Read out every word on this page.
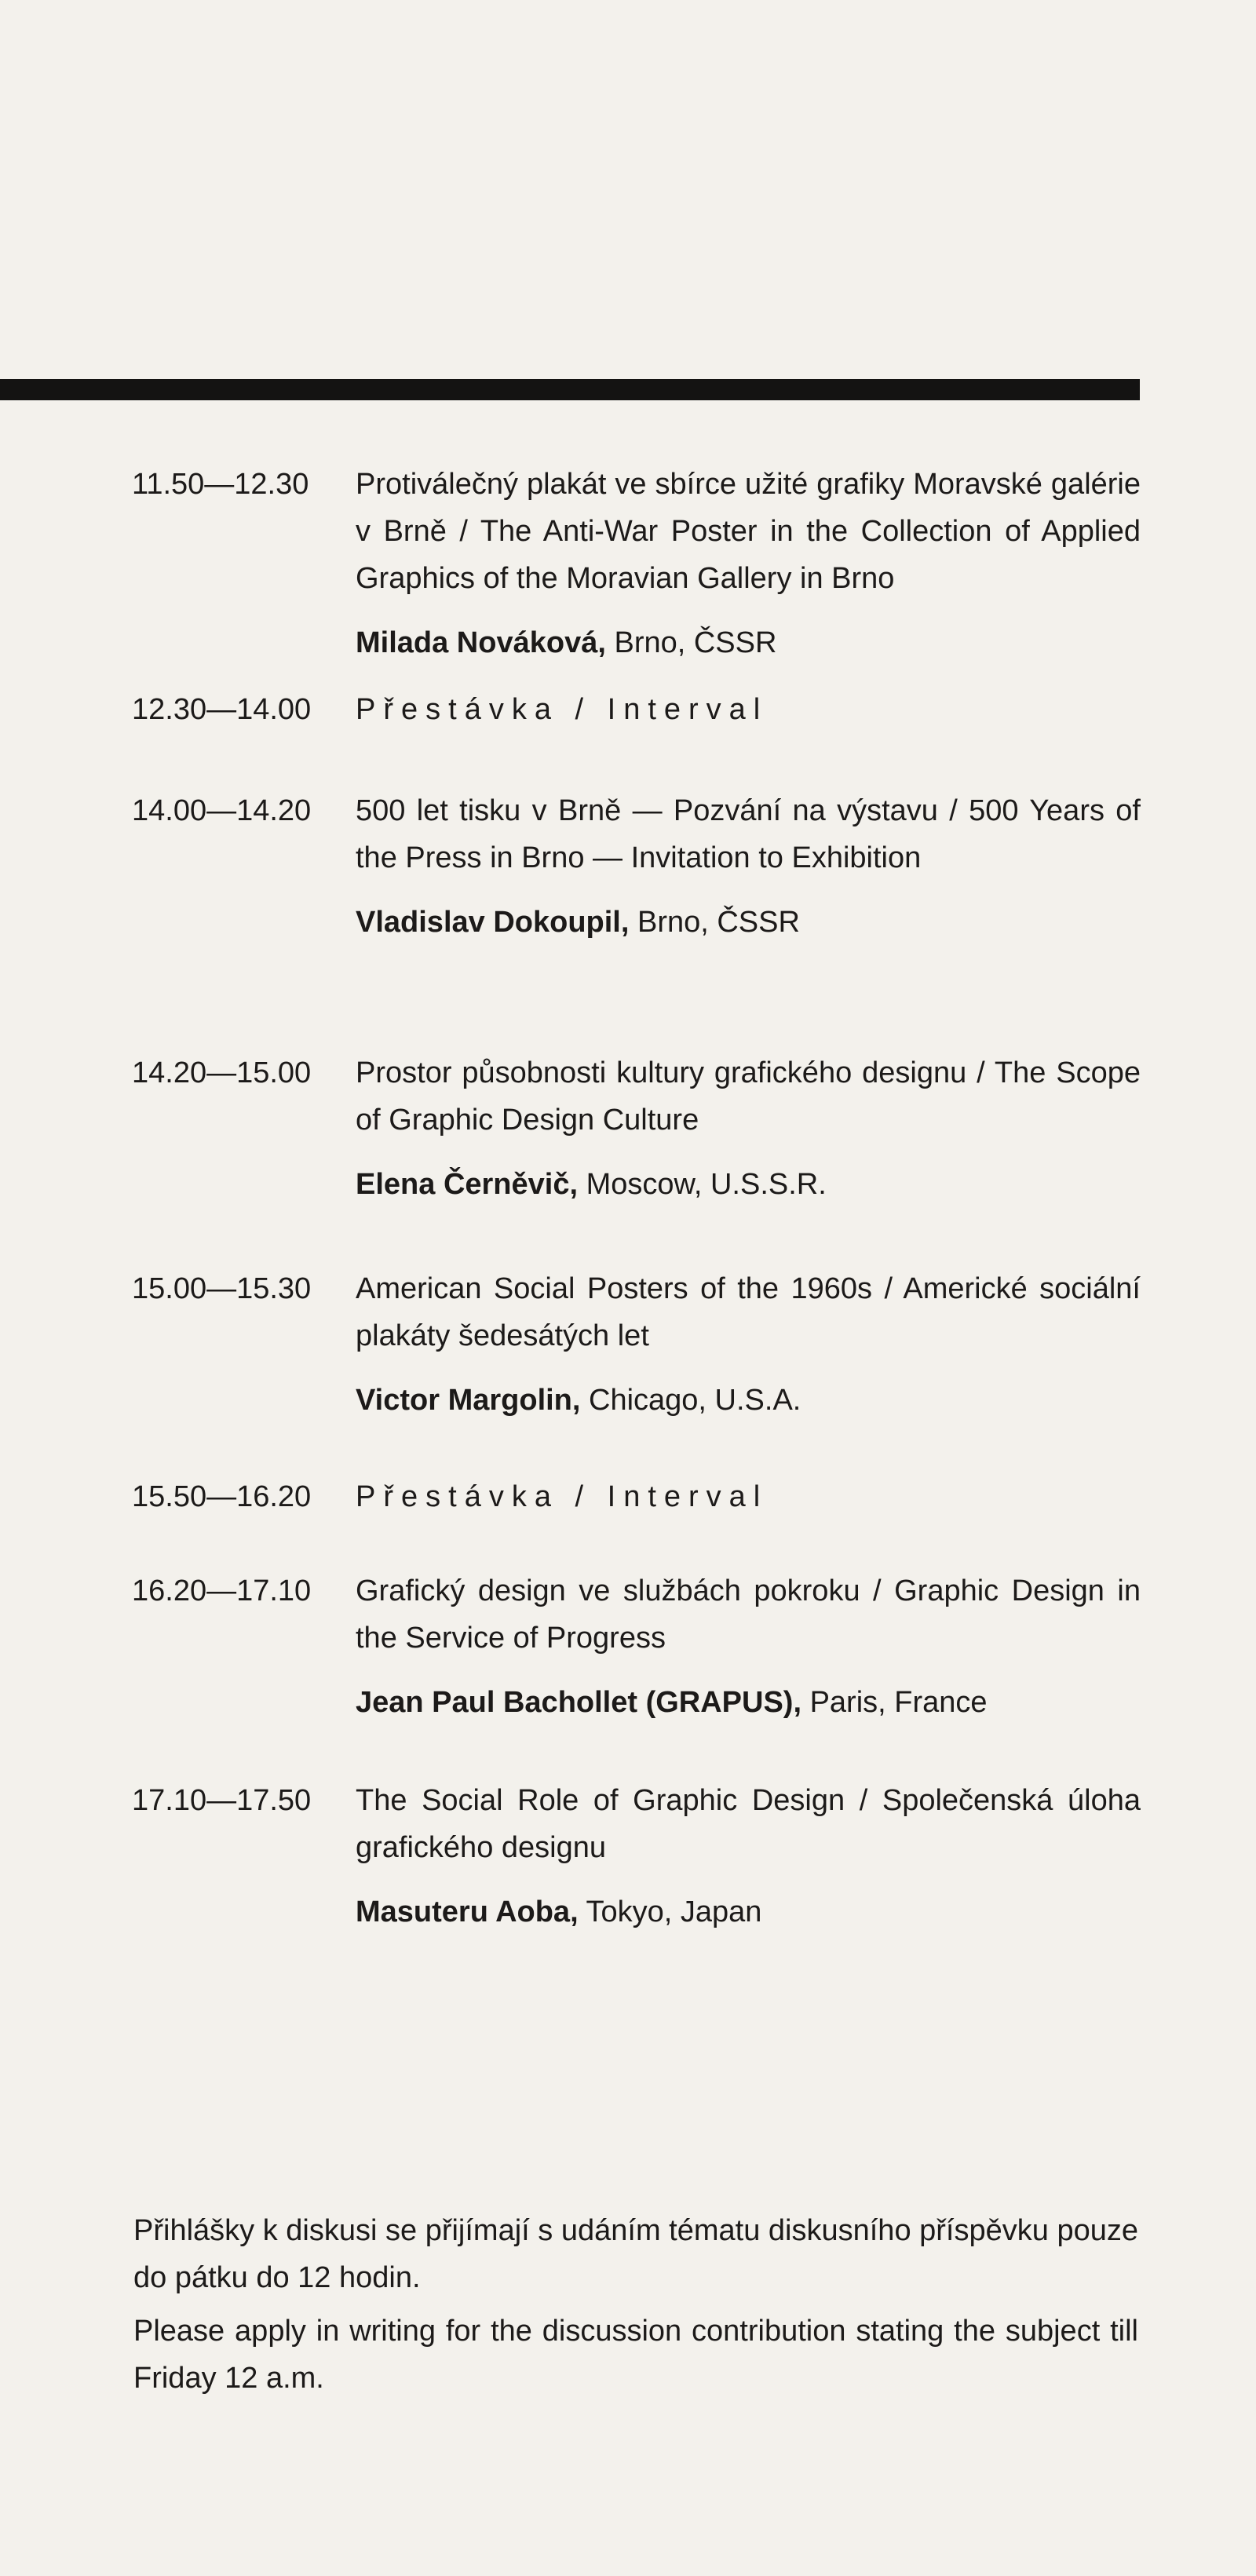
11.50—12.30	Protiválečný plakát ve sbírce užité grafiky Moravské galérie v Brně / The Anti-War Poster in the Collection of Applied Graphics of the Moravian Gallery in Brno
Milada Nováková, Brno, ČSSR
12.30—14.00	Přestávka / Interval
14.00—14.20	500 let tisku v Brně — Pozvání na výstavu / 500 Years of the Press in Brno — Invitation to Exhibition
Vladislav Dokoupil, Brno, ČSSR
14.20—15.00	Prostor působnosti kultury grafického designu / The Scope of Graphic Design Culture
Elena Černěvič, Moscow, U.S.S.R.
15.00—15.30	American Social Posters of the 1960s / Americké sociální plakáty šedesátých let
Victor Margolin, Chicago, U.S.A.
15.50—16.20	Přestávka / Interval
16.20—17.10	Grafický design ve službách pokroku / Graphic Design in the Service of Progress
Jean Paul Bachollet (GRAPUS), Paris, France
17.10—17.50	The Social Role of Graphic Design / Společenská úloha grafického designu
Masuteru Aoba, Tokyo, Japan

Přihlášky k diskusi se přijímají s udáním tématu diskusního příspěvku pouze do pátku do 12 hodin.

Please apply in writing for the discussion contribution stating the subject till Friday 12 a.m.
